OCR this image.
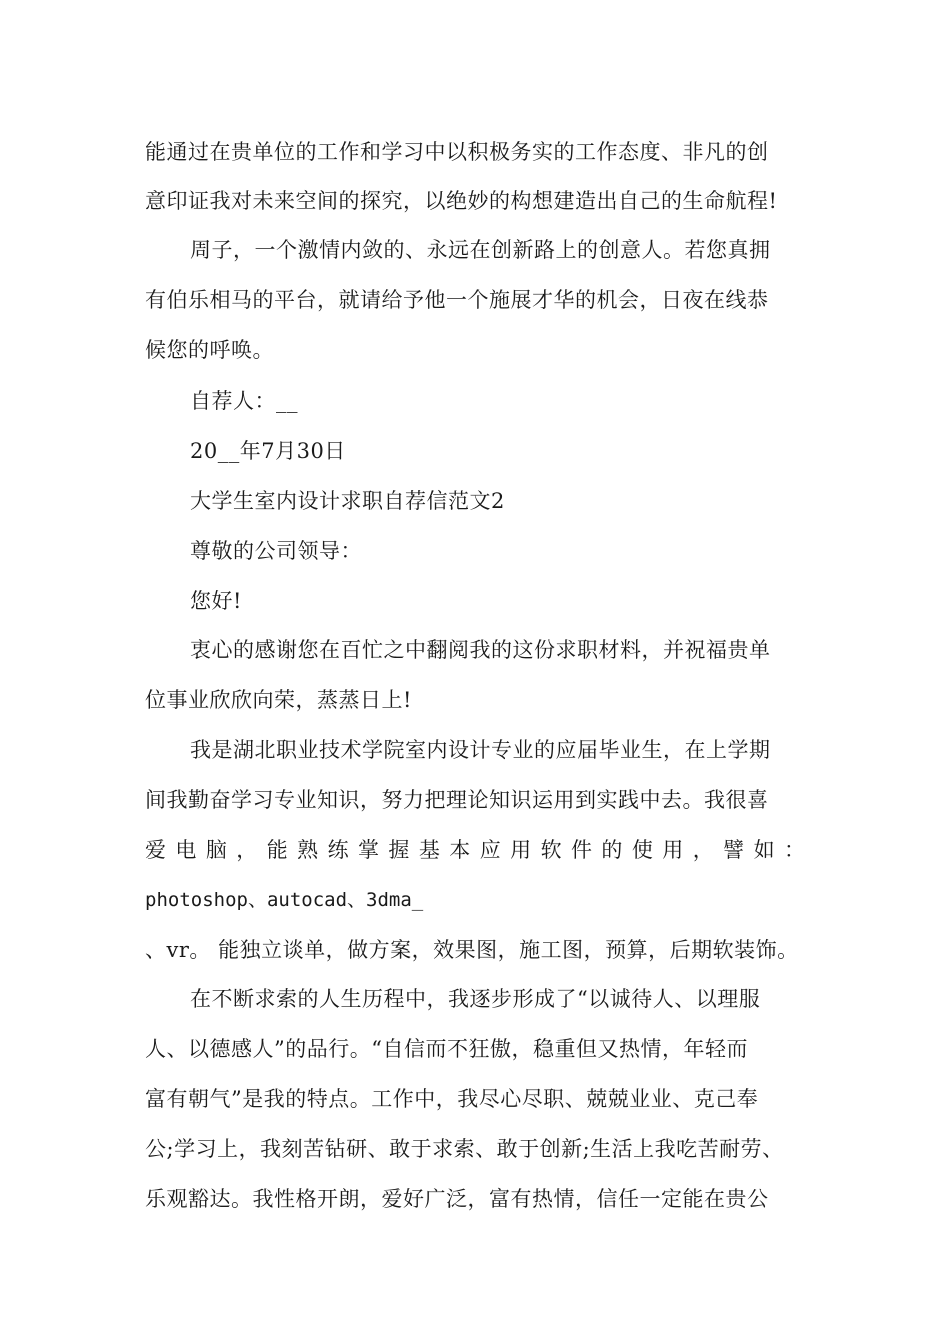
能通过在贵单位的工作和学习中以积极务实的工作态度、非凡的创
意印证我对未来空间的探究，以绝妙的构想建造出自己的生命航程!
周子，一个激情内敛的、永远在创新路上的创意人。若您真拥
有伯乐相马的平台，就请给予他一个施展才华的机会，日夜在线恭
候您的呼唤。
自荐人：__
20__年7月30日
大学生室内设计求职自荐信范文2
尊敬的公司领导：
您好!
衷心的感谢您在百忙之中翻阅我的这份求职材料，并祝福贵单
位事业欣欣向荣，蒸蒸日上!
我是湖北职业技术学院室内设计专业的应届毕业生，在上学期
间我勤奋学习专业知识，努力把理论知识运用到实践中去。我很喜
爱电脑，能熟练掌握基本应用软件的使用，譬如：
photoshop、autocad、3dma_
、vr。 能独立谈单，做方案，效果图，施工图，预算，后期软装饰。
在不断求索的人生历程中，我逐步形成了“以诚待人、以理服
人、以德感人”的品行。“自信而不狂傲，稳重但又热情，年轻而
富有朝气”是我的特点。工作中，我尽心尽职、兢兢业业、克己奉
公;学习上，我刻苦钻研、敢于求索、敢于创新;生活上我吃苦耐劳、
乐观豁达。我性格开朗，爱好广泛，富有热情，信任一定能在贵公
